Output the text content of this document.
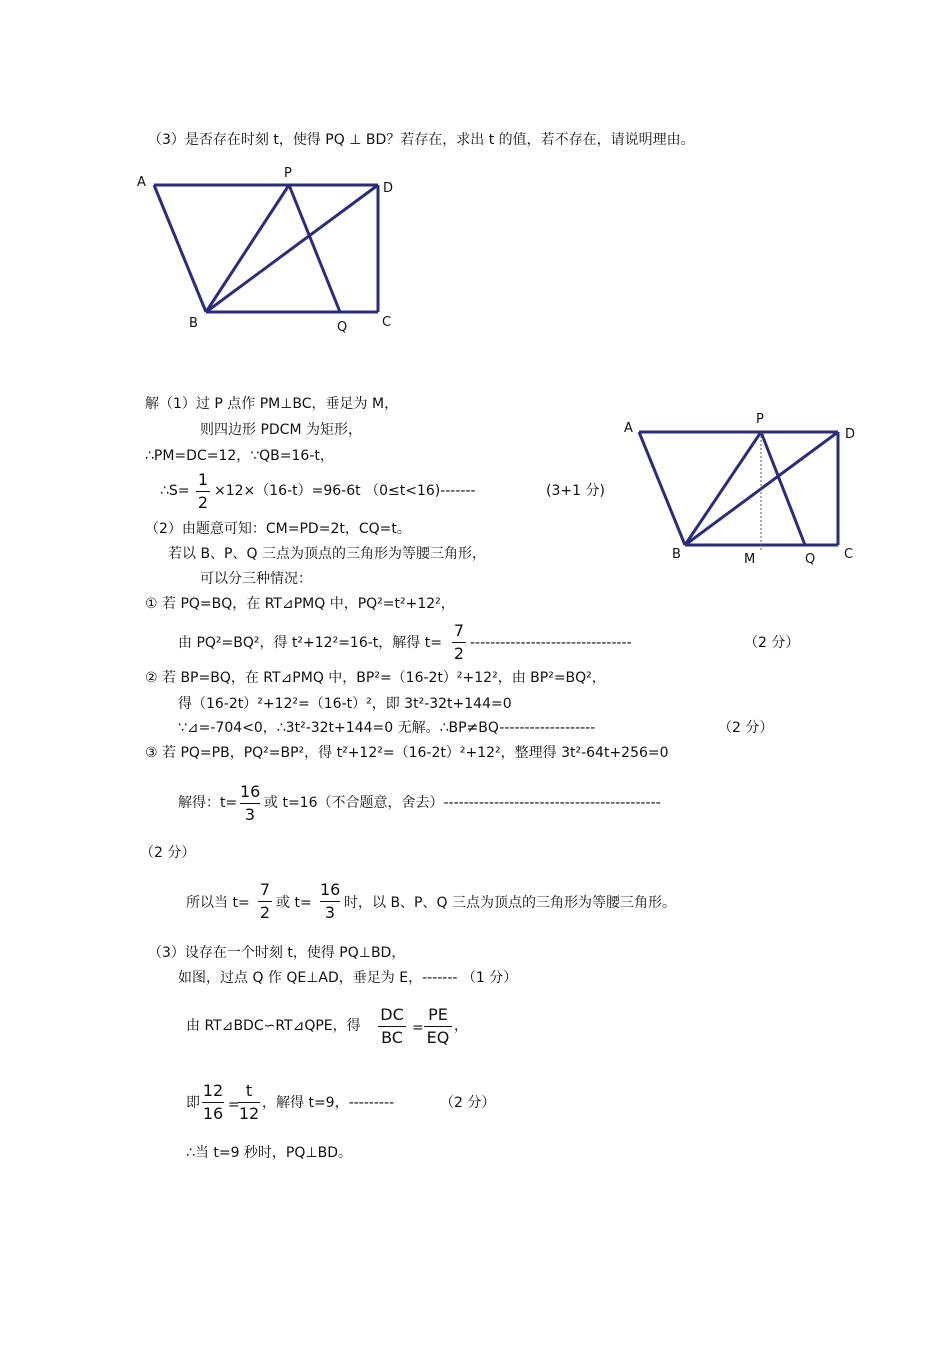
（3）是否存在时刻 t，使得 PQ ⊥ BD？若存在，求出 t 的值，若不存在，请说明理由。
A
P
D
B	Q	C
A
P
D
B	M	Q C
解（1）过 P 点作 PM⊥BC，垂足为 M，
则四边形 PDCM 为矩形，
∴PM=DC=12，∵QB=16-t，
∴S=
1
2
×12×（16-t）=96-6t （0≤t<16)-------	(3+1 分)
（2）由题意可知：CM=PD=2t，CQ=t。
若以 B、P、Q 三点为顶点的三角形为等腰三角形，
可以分三种情况：
① 若 PQ=BQ，在 RT⊿PMQ 中，PQ²=t²+12²，
由 PQ²=BQ²，得 t²+12²=16-t，解得 t=
7
2
--------------------------------	（2 分）
② 若 BP=BQ，在 RT⊿PMQ 中，BP²=（16-2t）²+12²，由 BP²=BQ²，
得（16-2t）²+12²=（16-t）²，即 3t²-32t+144=0
∵⊿=-704<0，∴3t²-32t+144=0 无解。∴BP≠BQ-------------------	（2 分）
③ 若 PQ=PB，PQ²=BP²，得 t²+12²=（16-2t）²+12²，整理得 3t²-64t+256=0
解得：t=
16
3
或 t=16（不合题意，舍去）-------------------------------------------
（2 分）
所以当 t=
7
2 或 t=
16
3 时，以 B、P、Q 三点为顶点的三角形为等腰三角形。
（3）设存在一个时刻 t，使得 PQ⊥BD，
如图，过点 Q 作 QE⊥AD，垂足为 E，------- （1 分）
由 RT⊿BDC∽RT⊿QPE，得
DC
BC =
PE
EQ
，
即
12
16 =
t
12
，解得 t=9，---------	（2 分）
∴当 t=9 秒时，PQ⊥BD。
